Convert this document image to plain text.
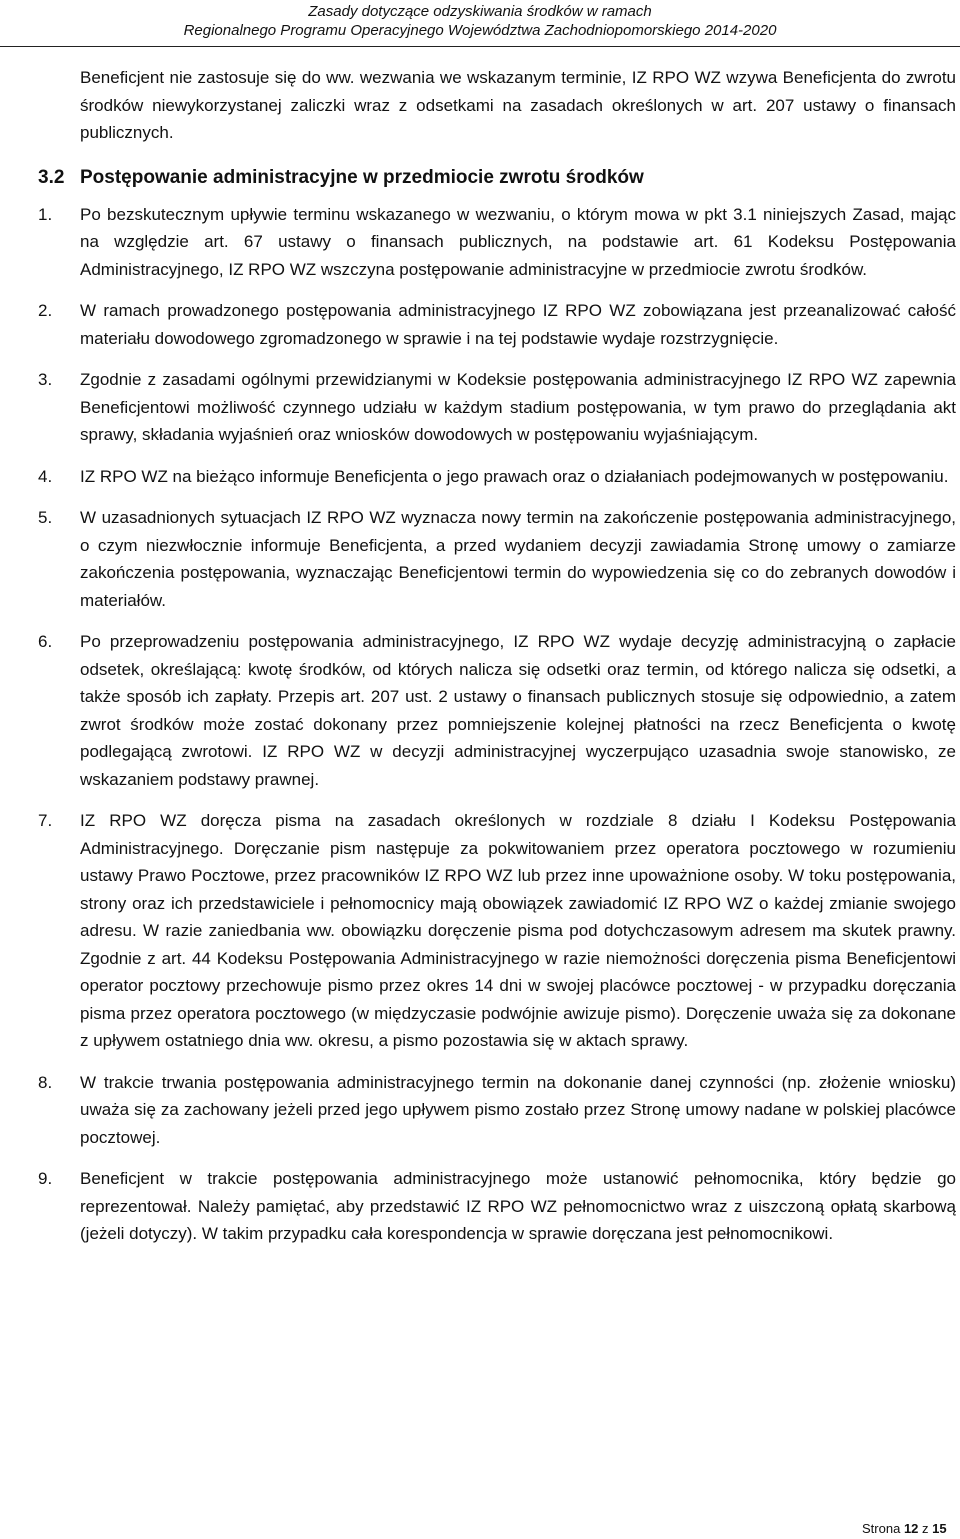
Zasady dotyczące odzyskiwania środków w ramach
Regionalnego Programu Operacyjnego Województwa Zachodniopomorskiego 2014-2020

Beneficjent nie zastosuje się do ww. wezwania we wskazanym terminie, IZ RPO WZ wzywa Beneficjenta do zwrotu środków niewykorzystanej zaliczki wraz z odsetkami na zasadach określonych w art. 207 ustawy o finansach publicznych.

3.2 Postępowanie administracyjne w przedmiocie zwrotu środków
1. Po bezskutecznym upływie terminu wskazanego w wezwaniu, o którym mowa w pkt 3.1 niniejszych Zasad, mając na względzie art. 67 ustawy o finansach publicznych, na podstawie art. 61 Kodeksu Postępowania Administracyjnego, IZ RPO WZ wszczyna postępowanie administracyjne w przedmiocie zwrotu środków.
2. W ramach prowadzonego postępowania administracyjnego IZ RPO WZ zobowiązana jest przeanalizować całość materiału dowodowego zgromadzonego w sprawie i na tej podstawie wydaje rozstrzygnięcie.
3. Zgodnie z zasadami ogólnymi przewidzianymi w Kodeksie postępowania administracyjnego IZ RPO WZ zapewnia Beneficjentowi możliwość czynnego udziału w każdym stadium postępowania, w tym prawo do przeglądania akt sprawy, składania wyjaśnień oraz wniosków dowodowych w postępowaniu wyjaśniającym.
4. IZ RPO WZ na bieżąco informuje Beneficjenta o jego prawach oraz o działaniach podejmowanych w postępowaniu.
5. W uzasadnionych sytuacjach IZ RPO WZ wyznacza nowy termin na zakończenie postępowania administracyjnego, o czym niezwłocznie informuje Beneficjenta, a przed wydaniem decyzji zawiadamia Stronę umowy o zamiarze zakończenia postępowania, wyznaczając Beneficjentowi termin do wypowiedzenia się co do zebranych dowodów i materiałów.
6. Po przeprowadzeniu postępowania administracyjnego, IZ RPO WZ wydaje decyzję administracyjną o zapłacie odsetek, określającą: kwotę środków, od których nalicza się odsetki oraz termin, od którego nalicza się odsetki, a także sposób ich zapłaty. Przepis art. 207 ust. 2 ustawy o finansach publicznych stosuje się odpowiednio, a zatem zwrot środków może zostać dokonany przez pomniejszenie kolejnej płatności na rzecz Beneficjenta o kwotę podlegającą zwrotowi. IZ RPO WZ w decyzji administracyjnej wyczerpująco uzasadnia swoje stanowisko, ze wskazaniem podstawy prawnej.
7. IZ RPO WZ doręcza pisma na zasadach określonych w rozdziale 8 działu I Kodeksu Postępowania Administracyjnego. Doręczanie pism następuje za pokwitowaniem przez operatora pocztowego w rozumieniu ustawy Prawo Pocztowe, przez pracowników IZ RPO WZ lub przez inne upoważnione osoby. W toku postępowania, strony oraz ich przedstawiciele i pełnomocnicy mają obowiązek zawiadomić IZ RPO WZ o każdej zmianie swojego adresu. W razie zaniedbania ww. obowiązku doręczenie pisma pod dotychczasowym adresem ma skutek prawny. Zgodnie z art. 44 Kodeksu Postępowania Administracyjnego w razie niemożności doręczenia pisma Beneficjentowi operator pocztowy przechowuje pismo przez okres 14 dni w swojej placówce pocztowej - w przypadku doręczania pisma przez operatora pocztowego (w międzyczasie podwójnie awizuje pismo). Doręczenie uważa się za dokonane z upływem ostatniego dnia ww. okresu, a pismo pozostawia się w aktach sprawy.
8. W trakcie trwania postępowania administracyjnego termin na dokonanie danej czynności (np. złożenie wniosku) uważa się za zachowany jeżeli przed jego upływem pismo zostało przez Stronę umowy nadane w polskiej placówce pocztowej.
9. Beneficjent w trakcie postępowania administracyjnego może ustanowić pełnomocnika, który będzie go reprezentował. Należy pamiętać, aby przedstawić IZ RPO WZ pełnomocnictwo wraz z uiszczoną opłatą skarbową (jeżeli dotyczy). W takim przypadku cała korespondencja w sprawie doręczana jest pełnomocnikowi.
Strona 12 z 15
